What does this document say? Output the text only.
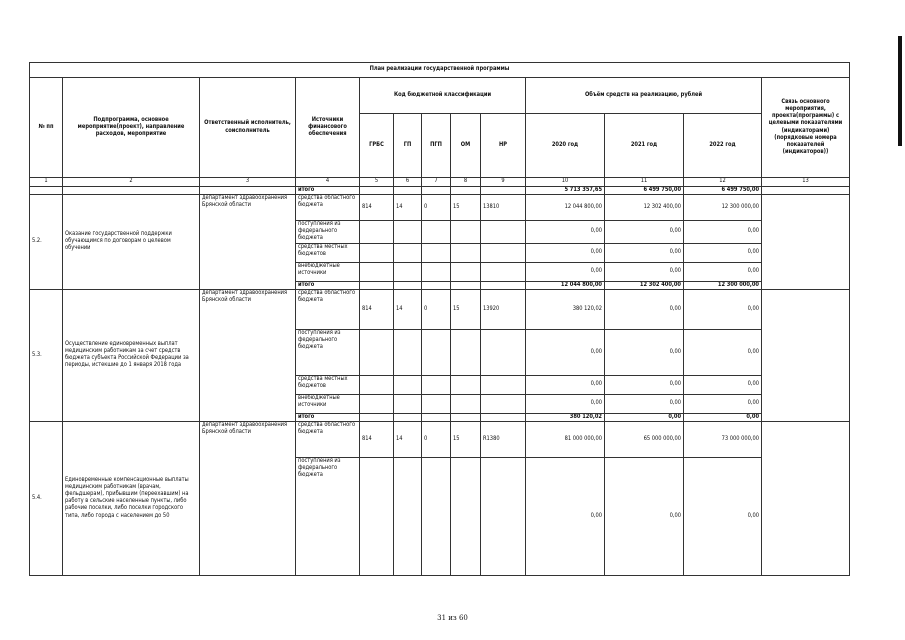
План реализации государственной программы												
№ пп	Подпрограмма, основное мероприятие(проект), направление расходов, мероприятие	Ответственный исполнитель, соисполнитель	Источники финансового обеспечения	Код бюджетной классификации					Объём средств на реализацию, рублей			Связь основного мероприятия, проекта(программы) с целевыми показателями (индикаторами) (порядковые номера показателей (индикаторов))
				ГРБС	ГП	ПГП	ОМ	НР	2020 год	2021 год	2022 год	
1	2	3	4	5	6	7	8	9	10	11	12	13
			итого						5 713 357,65	6 499 750,00	6 499 750,00	
5.2.	Оказание государственной поддержки обучающимся по договорам о целевом обучении	департамент здравоохранения Брянской области	средства областного бюджета	814	14	0	15	13810	12 044 800,00	12 302 400,00	12 300 000,00	
			поступления из федерального бюджета						0,00	0,00	0,00	
			средства местных бюджетов						0,00	0,00	0,00	
			внебюджетные источники						0,00	0,00	0,00	
			итого						12 044 800,00	12 302 400,00	12 300 000,00	
5.3.	Осуществление единовременных выплат медицинским работникам за счет средств бюджета субъекта Российской Федерации за периоды, истекшие до 1 января 2018 года	департамент здравоохранения Брянской области	средства областного бюджета	814	14	0	15	13920	380 120,02	0,00	0,00	
			поступления из федерального бюджета						0,00	0,00	0,00	
			средства местных бюджетов						0,00	0,00	0,00	
			внебюджетные источники						0,00	0,00	0,00	
			итого						380 120,02	0,00	0,00	
5.4.	Единовременные компенсационные выплаты медицинским работникам (врачам, фельдшерам), прибывшим (переехавшим) на работу в сельские населенные пункты, либо рабочие поселки, либо поселки городского типа, либо города с населением до 50	департамент здравоохранения Брянской области	средства областного бюджета	814	14	0	15	R1380	81 000 000,00	65 000 000,00	73 000 000,00	
			поступления из федерального бюджета						0,00	0,00	0,00	
31 из 60
